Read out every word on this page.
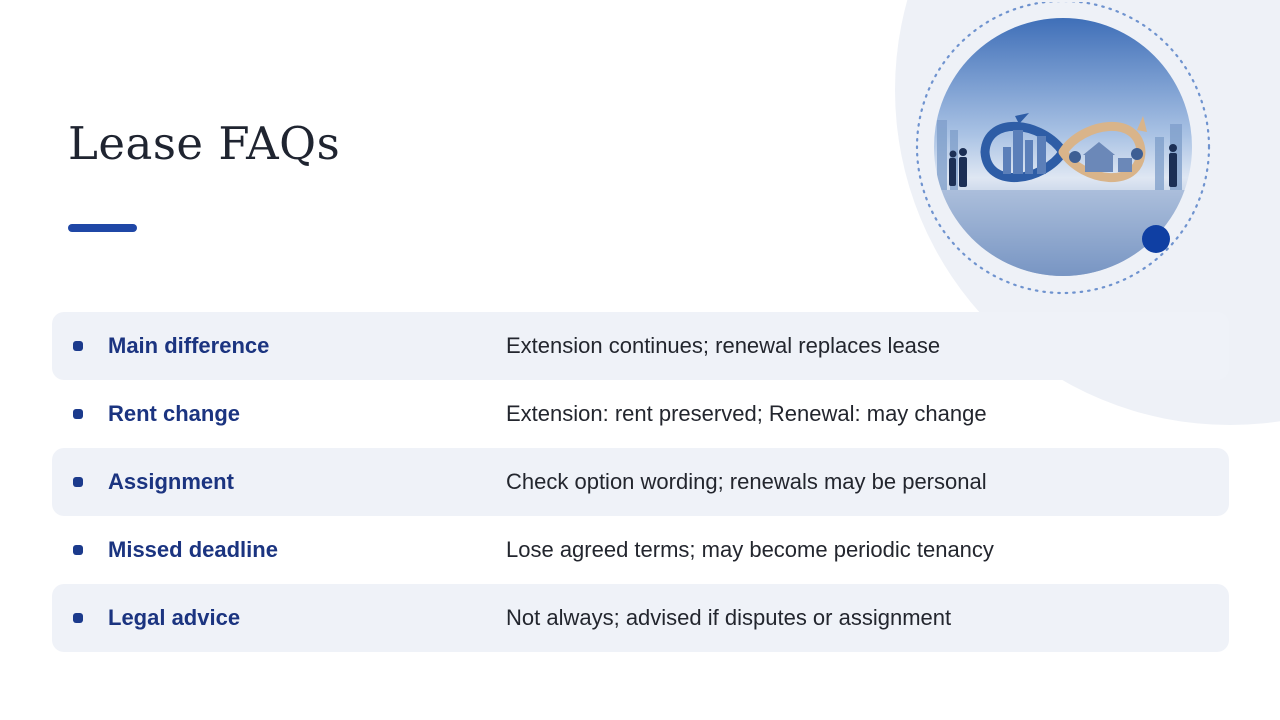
Lease FAQs
Main difference	Extension continues; renewal replaces lease
Rent change	Extension: rent preserved; Renewal: may change
Assignment	Check option wording; renewals may be personal
Missed deadline	Lose agreed terms; may become periodic tenancy
Legal advice	Not always; advised if disputes or assignment
